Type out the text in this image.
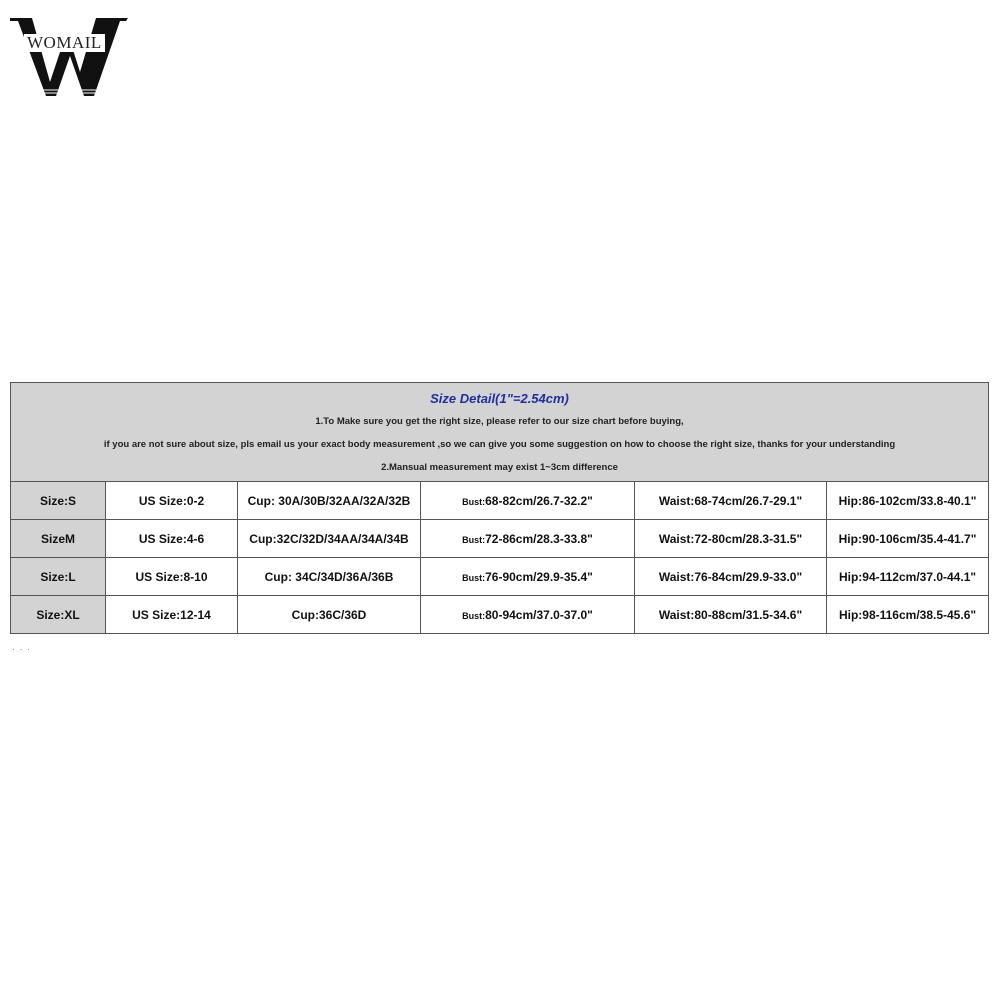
WOMAIL
Size Detail(1"=2.54cm)
1.To Make sure you get the right size, please refer to our size chart before buying,
if you are not sure about size, pls email us your exact body measurement ,so we can give you some suggestion on how to choose the right size, thanks for your understanding
2.Mansual measurement may exist 1~3cm difference					

Size:S	US Size:0-2	Cup: 30A/30B/32AA/32A/32B	Bust:68-82cm/26.7-32.2"	Waist:68-74cm/26.7-29.1"	Hip:86-102cm/33.8-40.1"
SizeM	US Size:4-6	Cup:32C/32D/34AA/34A/34B	Bust:72-86cm/28.3-33.8"	Waist:72-80cm/28.3-31.5"	Hip:90-106cm/35.4-41.7"
Size:L	US Size:8-10	Cup: 34C/34D/36A/36B	Bust:76-90cm/29.9-35.4"	Waist:76-84cm/29.9-33.0"	Hip:94-112cm/37.0-44.1"
Size:XL	US Size:12-14	Cup:36C/36D	Bust:80-94cm/37.0-37.0"	Waist:80-88cm/31.5-34.6"	Hip:98-116cm/38.5-45.6"
· · ·
